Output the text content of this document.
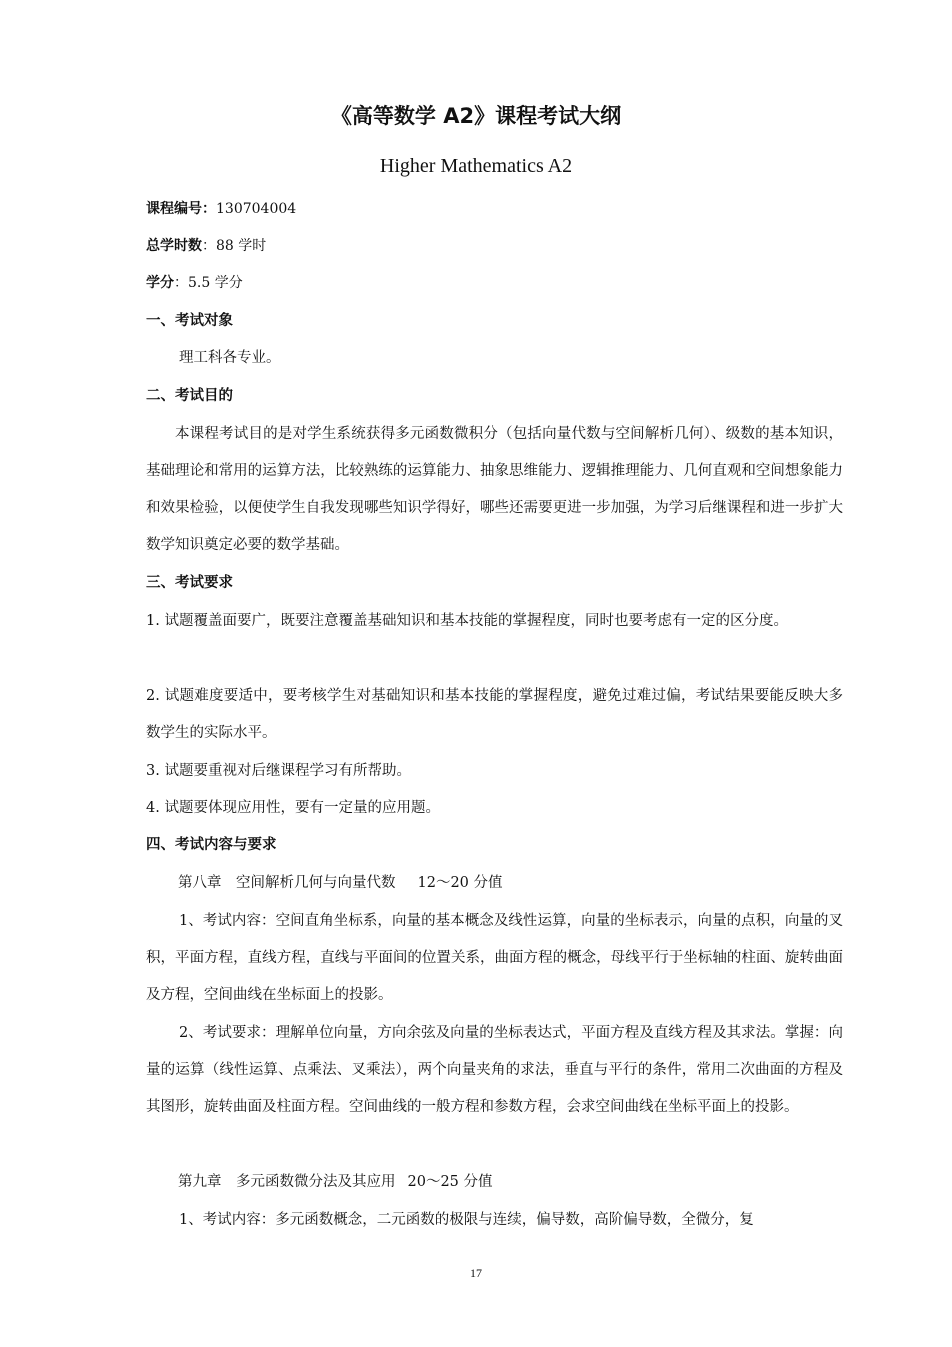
《高等数学 A2》课程考试大纲
Higher Mathematics A2
课程编号：130704004
总学时数：88 学时
学分：5.5 学分
一、考试对象
理工科各专业。
二、考试目的
本课程考试目的是对学生系统获得多元函数微积分（包括向量代数与空间解析几何）、级数的基本知识，基础理论和常用的运算方法，比较熟练的运算能力、抽象思维能力、逻辑推理能力、几何直观和空间想象能力和效果检验，以便使学生自我发现哪些知识学得好，哪些还需要更进一步加强，为学习后继课程和进一步扩大数学知识奠定必要的数学基础。
三、考试要求
1. 试题覆盖面要广，既要注意覆盖基础知识和基本技能的掌握程度，同时也要考虑有一定的区分度。
2. 试题难度要适中，要考核学生对基础知识和基本技能的掌握程度，避免过难过偏，考试结果要能反映大多数学生的实际水平。
3. 试题要重视对后继课程学习有所帮助。
4. 试题要体现应用性，要有一定量的应用题。
四、考试内容与要求
第八章　空间解析几何与向量代数 12～20 分值
1、考试内容：空间直角坐标系，向量的基本概念及线性运算，向量的坐标表示，向量的点积，向量的叉积，平面方程，直线方程，直线与平面间的位置关系，曲面方程的概念，母线平行于坐标轴的柱面、旋转曲面及方程，空间曲线在坐标面上的投影。
2、考试要求：理解单位向量，方向余弦及向量的坐标表达式，平面方程及直线方程及其求法。掌握：向量的运算（线性运算、点乘法、叉乘法），两个向量夹角的求法，垂直与平行的条件，常用二次曲面的方程及其图形，旋转曲面及柱面方程。空间曲线的一般方程和参数方程，会求空间曲线在坐标平面上的投影。
第九章　多元函数微分法及其应用 20～25 分值
1、考试内容：多元函数概念，二元函数的极限与连续，偏导数，高阶偏导数，全微分，复
17
